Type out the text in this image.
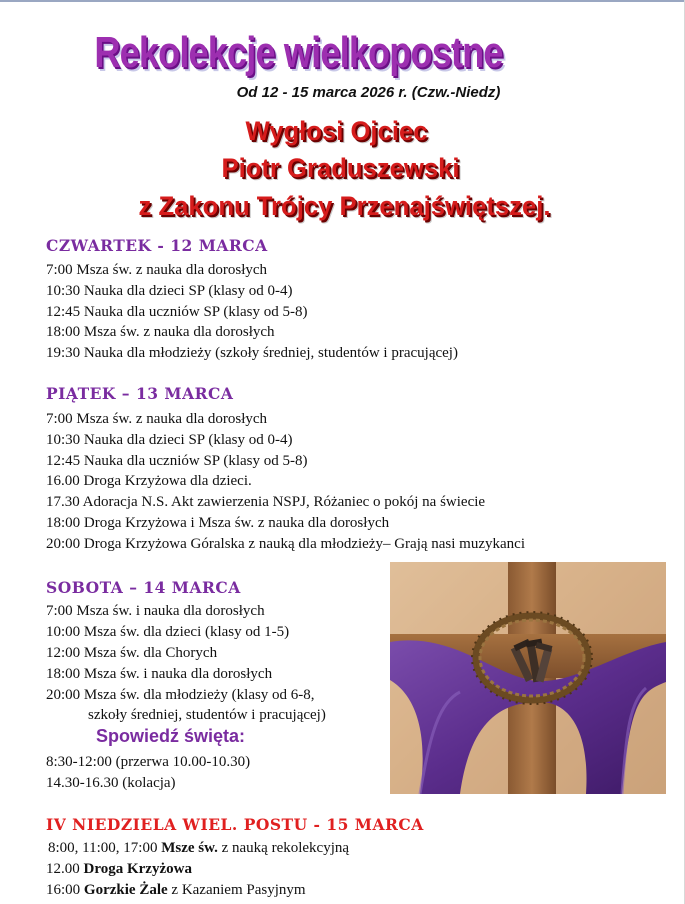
Rekolekcje wielkopostne
Od 12 - 15 marca 2026 r. (Czw.-Niedz)
Wygłosi Ojciec
Piotr Graduszewski
z Zakonu Trójcy Przenajświętszej.
CZWARTEK - 12 MARCA
7:00 Msza św. z nauka dla dorosłych
10:30 Nauka dla dzieci SP (klasy od 0-4)
12:45 Nauka dla uczniów SP (klasy od 5-8)
18:00 Msza św. z nauka dla dorosłych
19:30 Nauka dla młodzieży (szkoły średniej, studentów i pracującej)
PIĄTEK – 13 MARCA
7:00 Msza św. z nauka dla dorosłych
10:30 Nauka dla dzieci SP (klasy od 0-4)
12:45 Nauka dla uczniów SP (klasy od 5-8)
16.00 Droga Krzyżowa dla dzieci.
17.30 Adoracja N.S. Akt zawierzenia NSPJ, Różaniec o pokój na świecie
18:00 Droga Krzyżowa i Msza św. z nauka dla dorosłych
20:00 Droga Krzyżowa Góralska z nauką dla młodzieży– Grają nasi muzykanci
SOBOTA – 14 MARCA
7:00 Msza św. i nauka dla dorosłych
10:00 Msza św. dla dzieci (klasy od 1-5)
12:00 Msza św. dla Chorych
18:00 Msza św. i nauka dla dorosłych
20:00 Msza św. dla młodzieży (klasy od 6-8,
szkoły średniej, studentów i pracującej)
Spowiedź święta:
8:30-12:00 (przerwa 10.00-10.30)
14.30-16.30 (kolacja)
IV NIEDZIELA WIEL. POSTU - 15 MARCA
8:00, 11:00, 17:00 Msze św. z nauką rekolekcyjną
12.00 Droga Krzyżowa
16:00 Gorzkie Żale z Kazaniem Pasyjnym
